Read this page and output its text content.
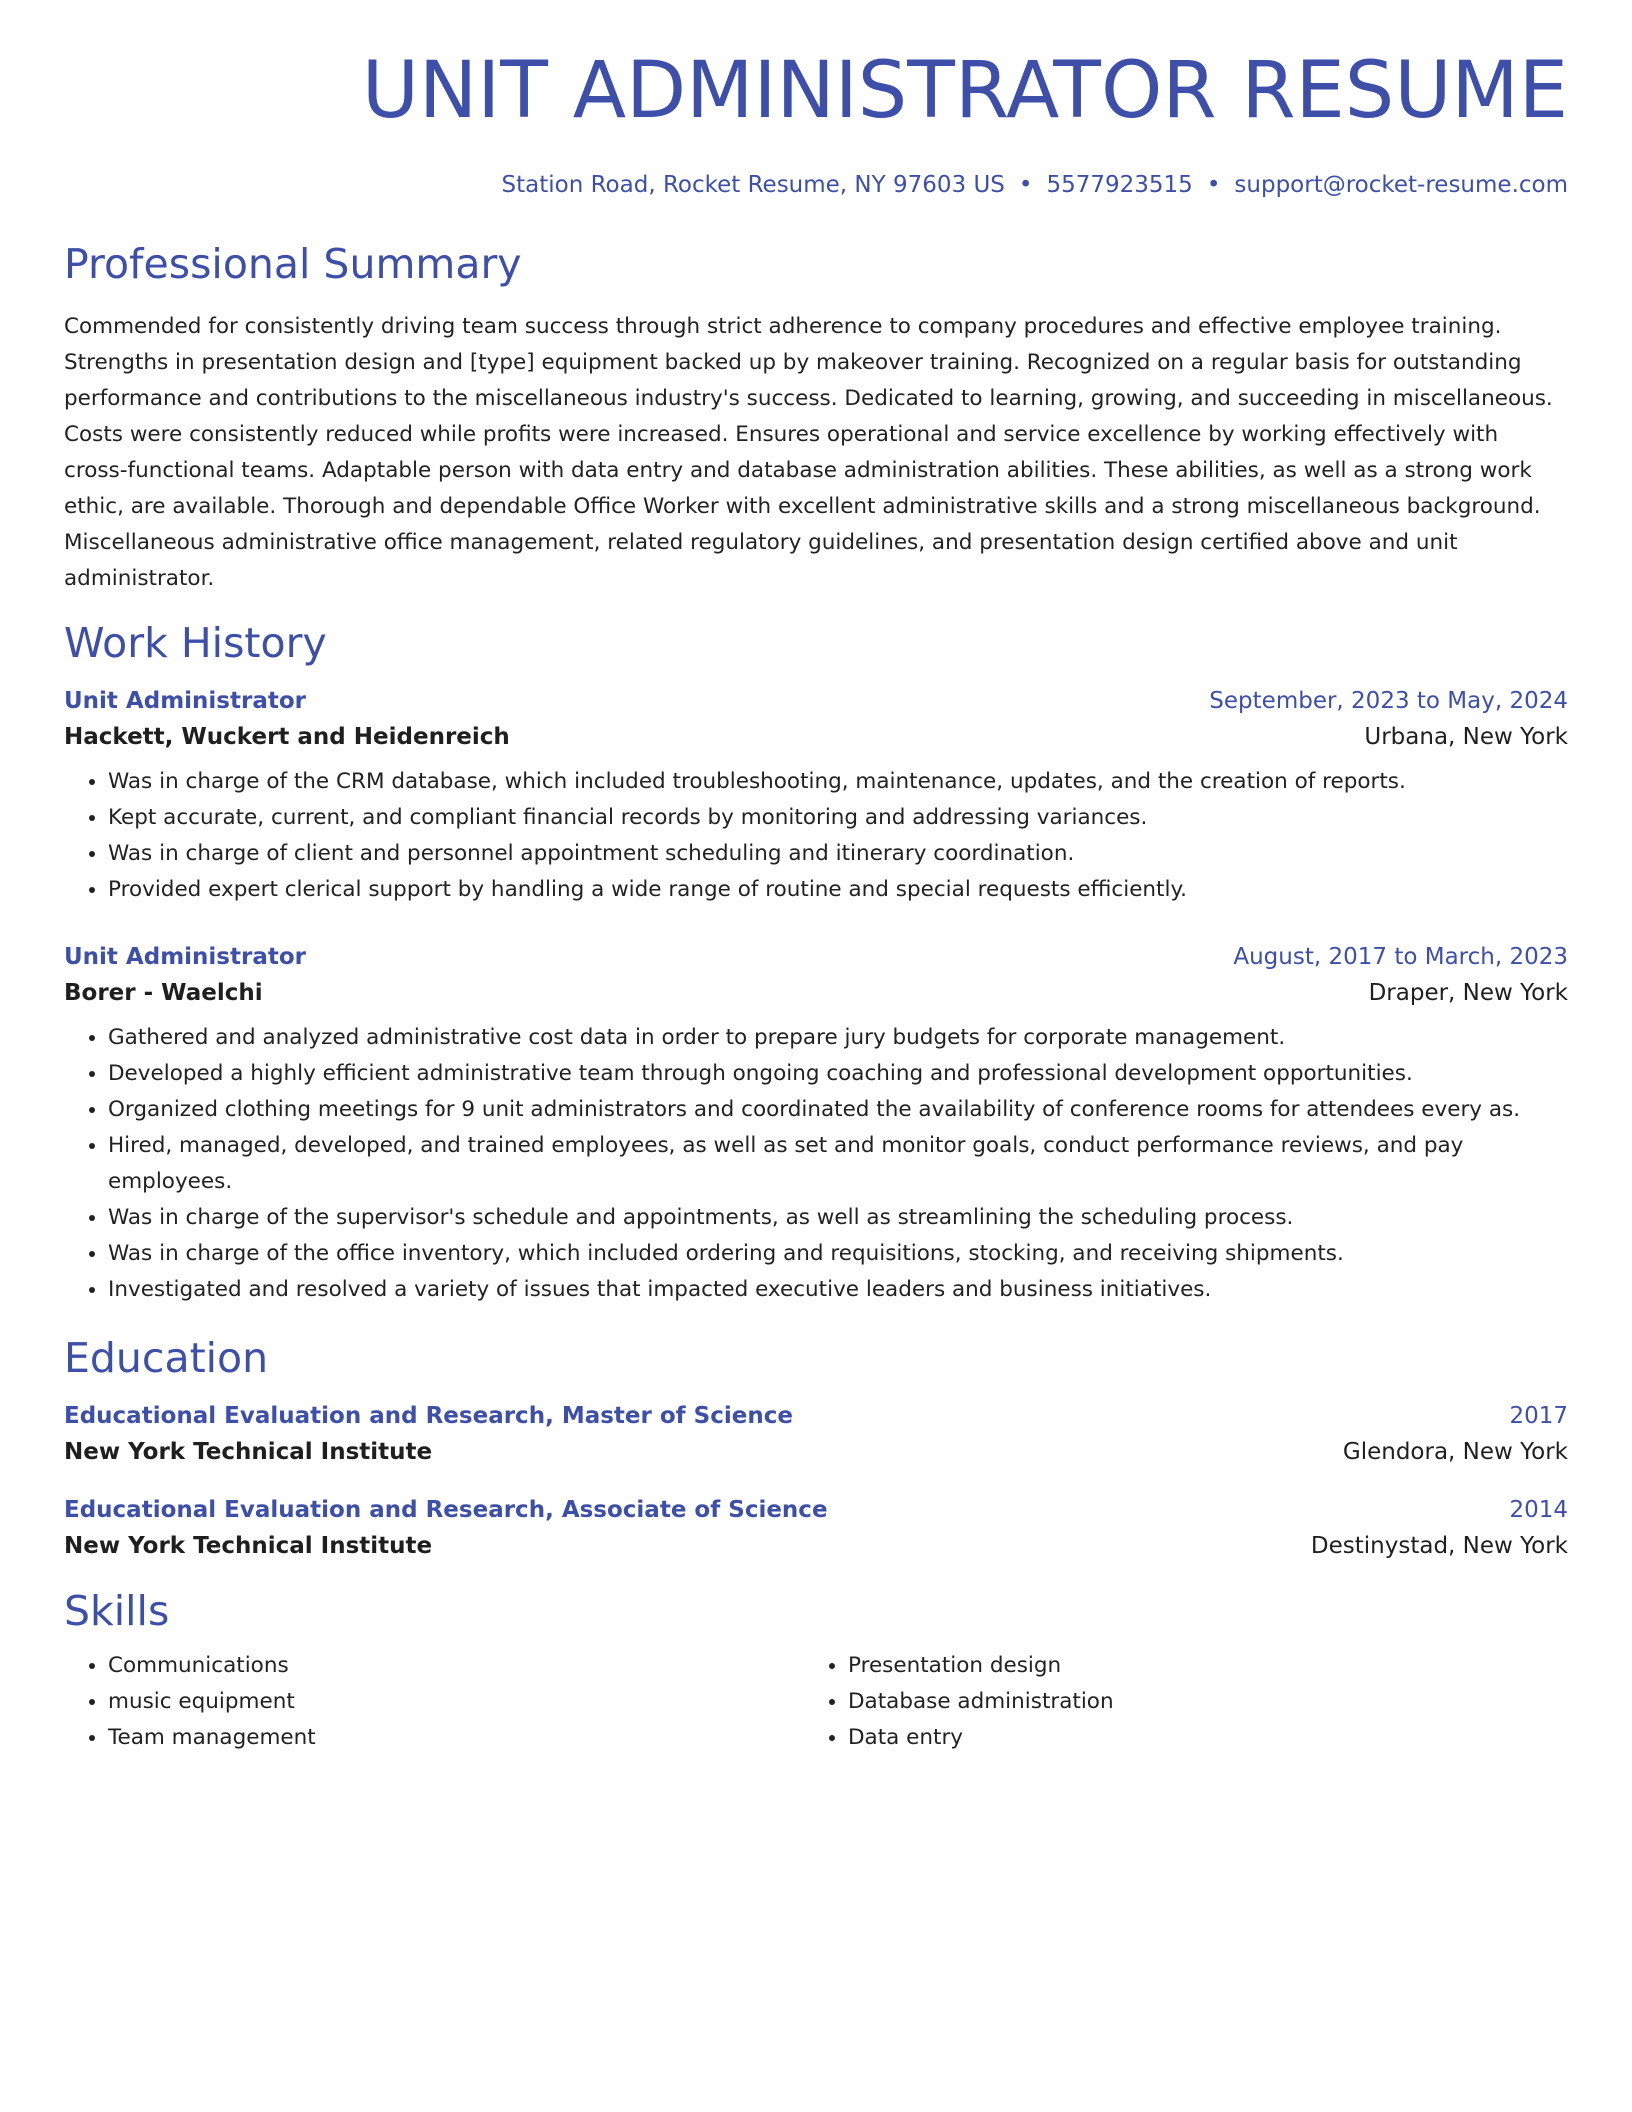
UNIT ADMINISTRATOR RESUME
Station Road, Rocket Resume, NY 97603 US • 5577923515 • support@rocket-resume.com
Professional Summary
Commended for consistently driving team success through strict adherence to company procedures and effective employee training. Strengths in presentation design and [type] equipment backed up by makeover training. Recognized on a regular basis for outstanding performance and contributions to the miscellaneous industry's success. Dedicated to learning, growing, and succeeding in miscellaneous. Costs were consistently reduced while profits were increased. Ensures operational and service excellence by working effectively with cross-functional teams. Adaptable person with data entry and database administration abilities. These abilities, as well as a strong work ethic, are available. Thorough and dependable Office Worker with excellent administrative skills and a strong miscellaneous background. Miscellaneous administrative office management, related regulatory guidelines, and presentation design certified above and unit administrator.
Work History
Unit Administrator	September, 2023 to May, 2024
Hackett, Wuckert and Heidenreich	Urbana, New York
• Was in charge of the CRM database, which included troubleshooting, maintenance, updates, and the creation of reports.
• Kept accurate, current, and compliant financial records by monitoring and addressing variances.
• Was in charge of client and personnel appointment scheduling and itinerary coordination.
• Provided expert clerical support by handling a wide range of routine and special requests efficiently.
Unit Administrator	August, 2017 to March, 2023
Borer - Waelchi	Draper, New York
• Gathered and analyzed administrative cost data in order to prepare jury budgets for corporate management.
• Developed a highly efficient administrative team through ongoing coaching and professional development opportunities.
• Organized clothing meetings for 9 unit administrators and coordinated the availability of conference rooms for attendees every as.
• Hired, managed, developed, and trained employees, as well as set and monitor goals, conduct performance reviews, and pay employees.
• Was in charge of the supervisor's schedule and appointments, as well as streamlining the scheduling process.
• Was in charge of the office inventory, which included ordering and requisitions, stocking, and receiving shipments.
• Investigated and resolved a variety of issues that impacted executive leaders and business initiatives.
Education
Educational Evaluation and Research, Master of Science	2017
New York Technical Institute	Glendora, New York
Educational Evaluation and Research, Associate of Science	2014
New York Technical Institute	Destinystad, New York
Skills
• Communications
• music equipment
• Team management
• Presentation design
• Database administration
• Data entry
